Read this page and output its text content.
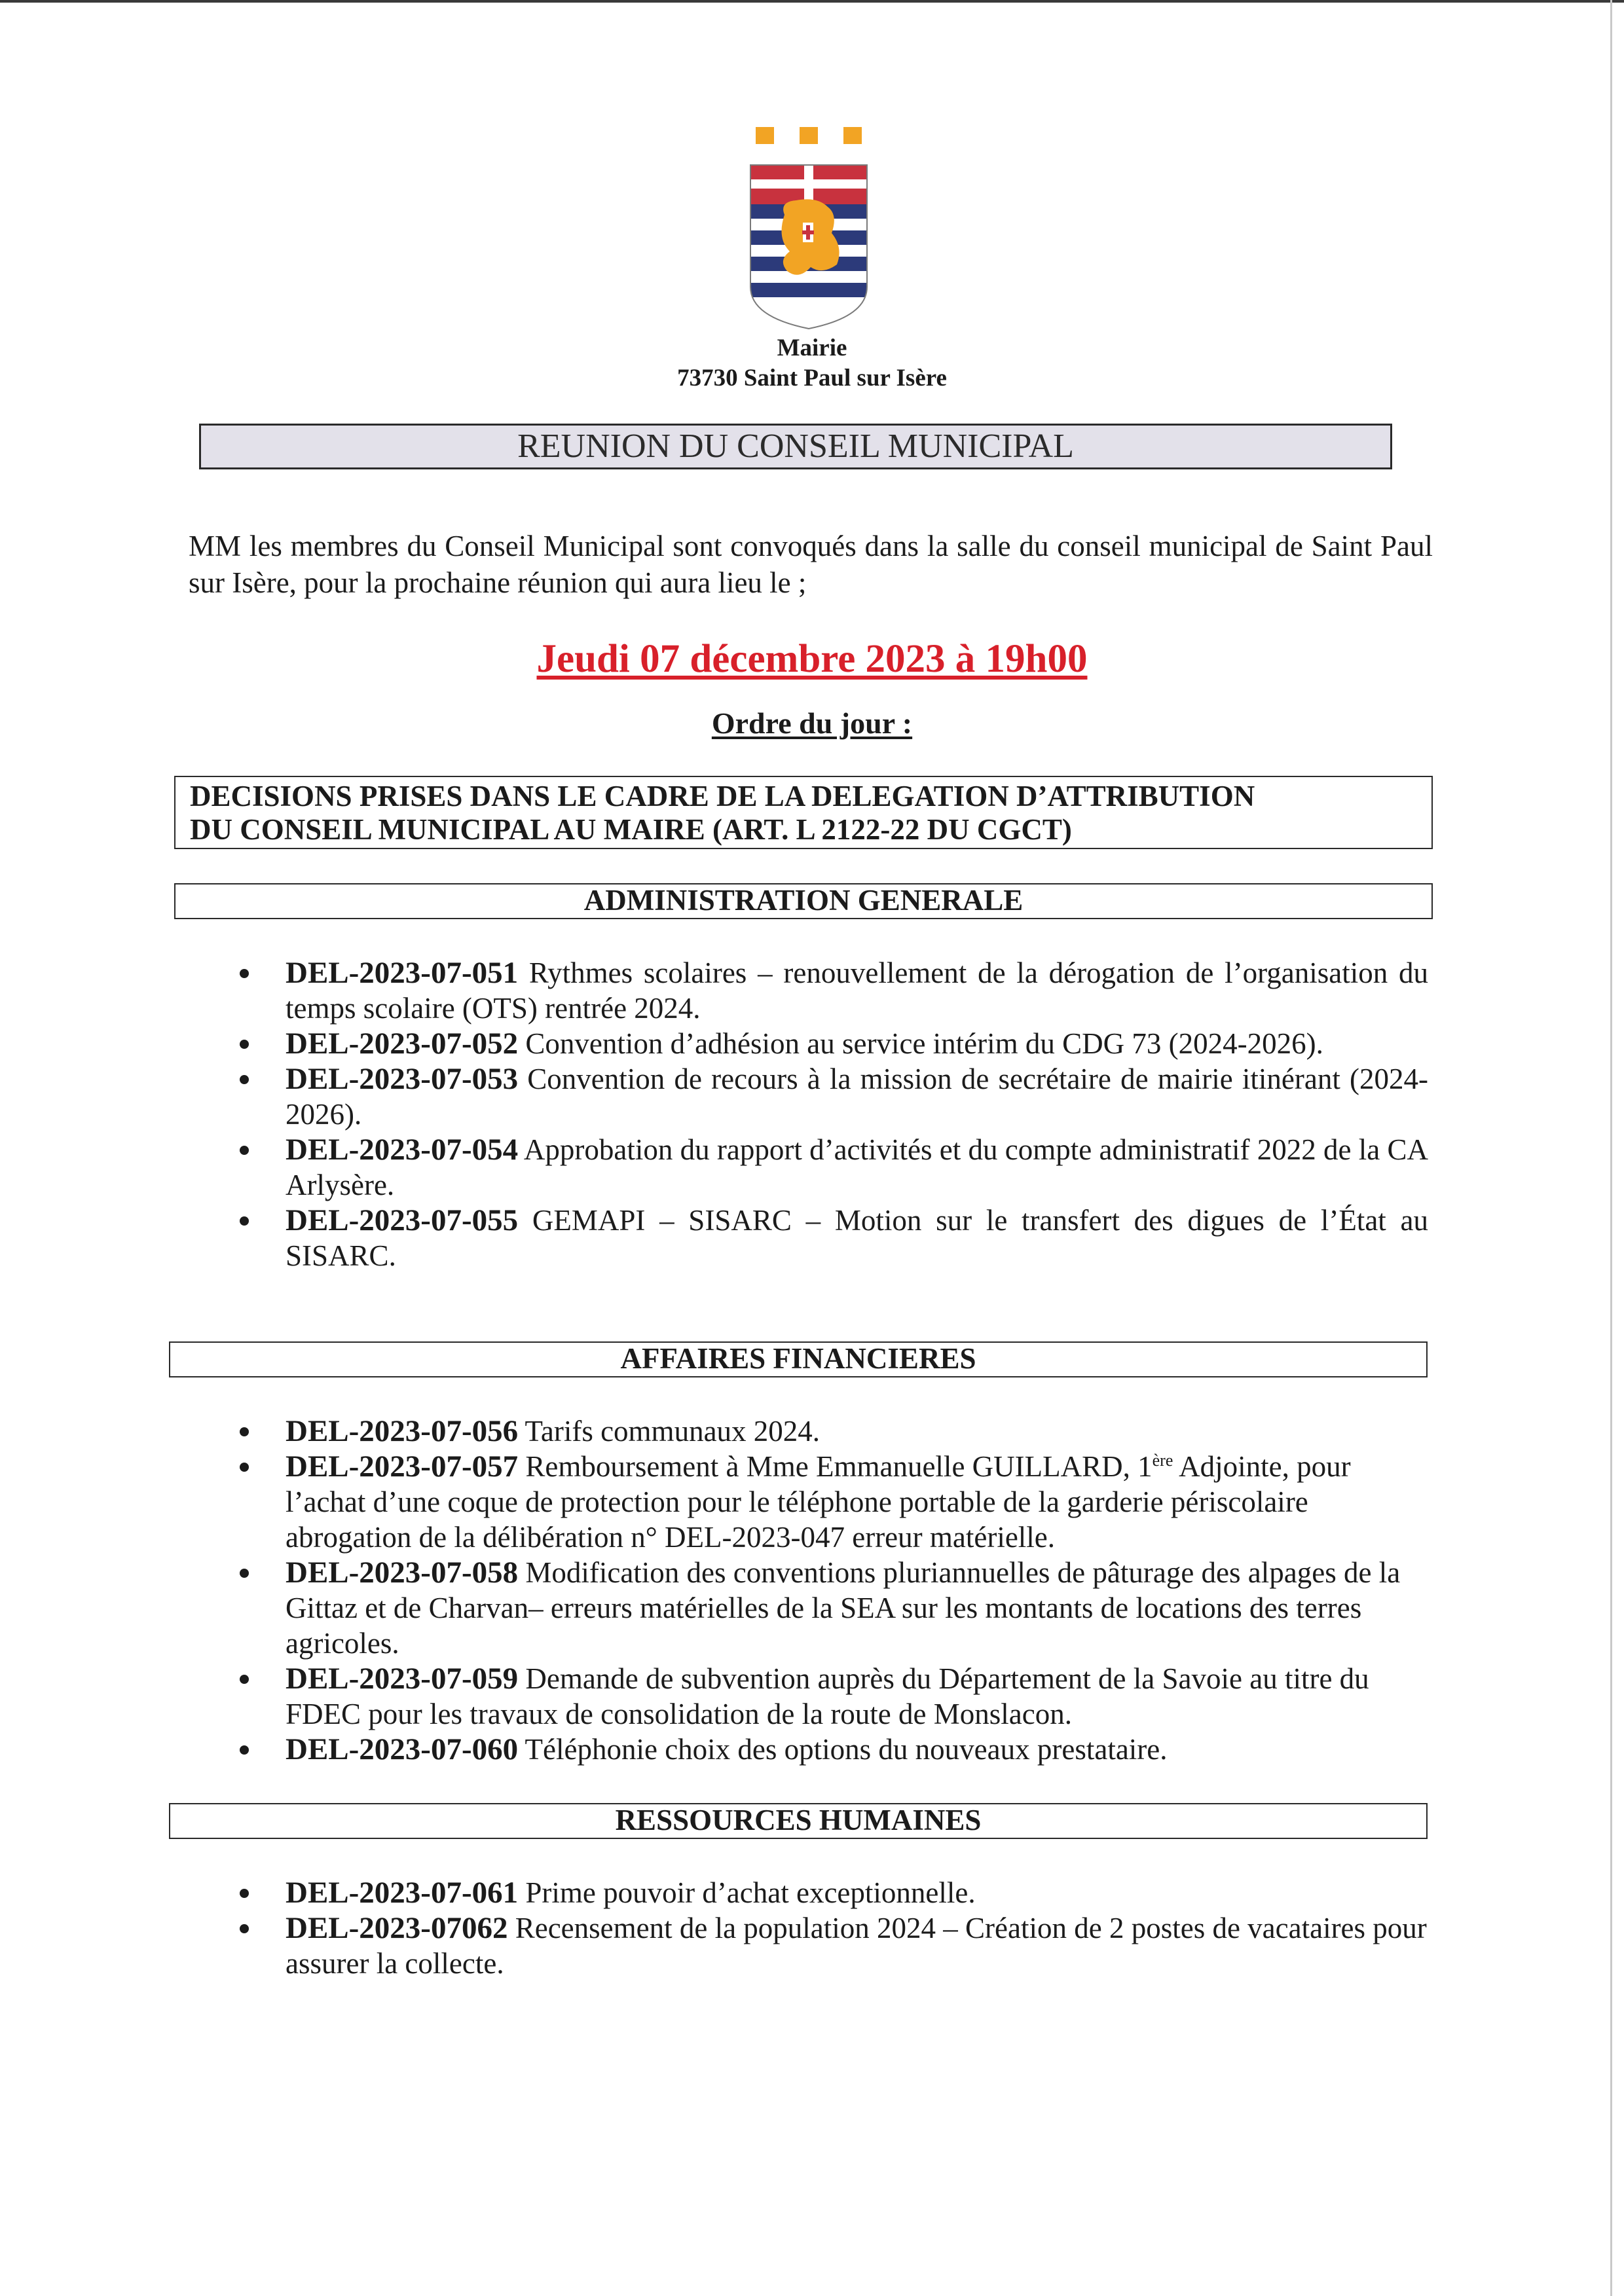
Mairie
73730 Saint Paul sur Isère
REUNION DU CONSEIL MUNICIPAL
MM les membres du Conseil Municipal sont convoqués dans la salle du conseil municipal de Saint Paul sur Isère, pour la prochaine réunion qui aura lieu le ;
Jeudi 07 décembre 2023 à 19h00
Ordre du jour :
DECISIONS PRISES DANS LE CADRE DE LA DELEGATION D’ATTRIBUTION
DU CONSEIL MUNICIPAL AU MAIRE (ART. L 2122-22 DU CGCT)
ADMINISTRATION GENERALE
DEL-2023-07-051 Rythmes scolaires – renouvellement de la dérogation de l’organisation du temps scolaire (OTS) rentrée 2024.
DEL-2023-07-052 Convention d’adhésion au service intérim du CDG 73 (2024-2026).
DEL-2023-07-053 Convention de recours à la mission de secrétaire de mairie itinérant (2024-2026).
DEL-2023-07-054 Approbation du rapport d’activités et du compte administratif 2022 de la CA Arlysère.
DEL-2023-07-055 GEMAPI – SISARC – Motion sur le transfert des digues de l’État au SISARC.
AFFAIRES FINANCIERES
DEL-2023-07-056 Tarifs communaux 2024.
DEL-2023-07-057 Remboursement à Mme Emmanuelle GUILLARD, 1ère Adjointe, pour l’achat d’une coque de protection pour le téléphone portable de la garderie périscolaire abrogation de la délibération n° DEL-2023-047 erreur matérielle.
DEL-2023-07-058 Modification des conventions pluriannuelles de pâturage des alpages de la Gittaz et de Charvan– erreurs matérielles de la SEA sur les montants de locations des terres agricoles.
DEL-2023-07-059 Demande de subvention auprès du Département de la Savoie au titre du FDEC pour les travaux de consolidation de la route de Monslacon.
DEL-2023-07-060 Téléphonie choix des options du nouveaux prestataire.
RESSOURCES HUMAINES
DEL-2023-07-061 Prime pouvoir d’achat exceptionnelle.
DEL-2023-07062 Recensement de la population 2024 – Création de 2 postes de vacataires pour assurer la collecte.
